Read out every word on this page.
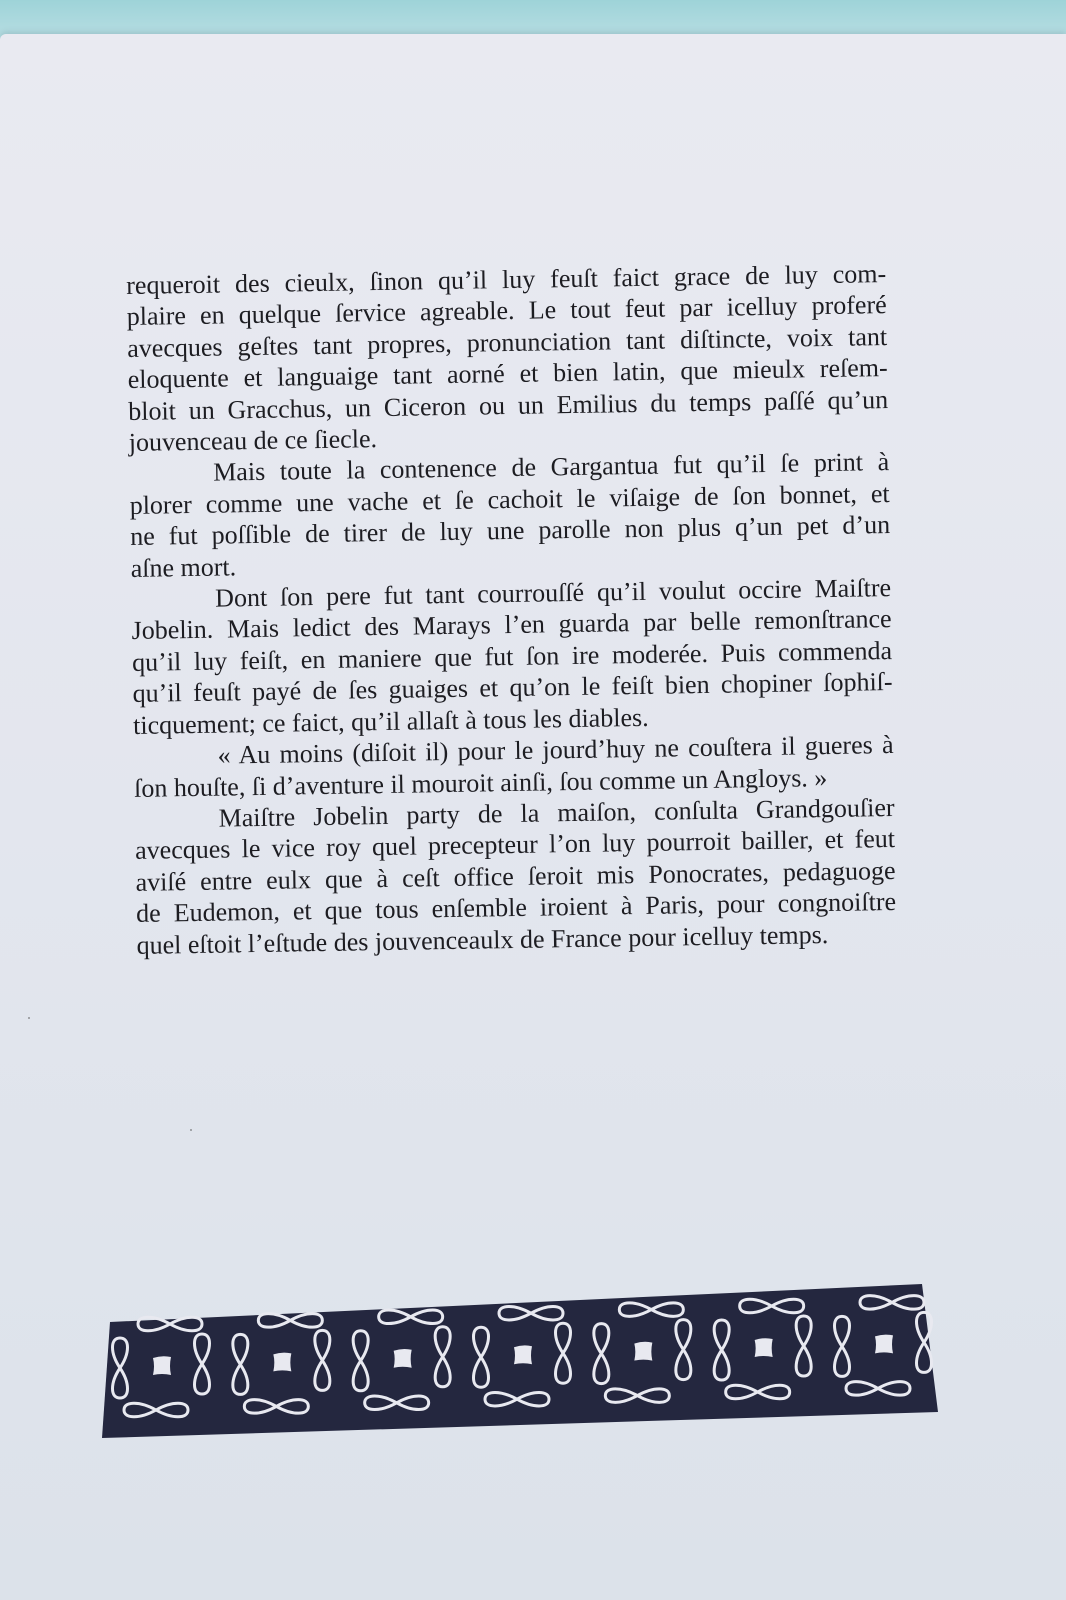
requeroit des cieulx, ſinon qu’il luy feuſt faict grace de luy com-
plaire en quelque ſervice agreable. Le tout feut par icelluy proferé
avecques geſtes tant propres, pronunciation tant diſtincte, voix tant
eloquente et languaige tant aorné et bien latin, que mieulx reſem-
bloit un Gracchus, un Ciceron ou un Emilius du temps paſſé qu’un
jouvenceau de ce ſiecle.
Mais toute la contenence de Gargantua fut qu’il ſe print à
plorer comme une vache et ſe cachoit le viſaige de ſon bonnet, et
ne fut poſſible de tirer de luy une parolle non plus q’un pet d’un
aſne mort.
Dont ſon pere fut tant courrouſſé qu’il voulut occire Maiſtre
Jobelin. Mais ledict des Marays l’en guarda par belle remonſtrance
qu’il luy feiſt, en maniere que fut ſon ire moderée. Puis commenda
qu’il feuſt payé de ſes guaiges et qu’on le feiſt bien chopiner ſophiſ-
ticquement; ce faict, qu’il allaſt à tous les diables.
« Au moins (diſoit il) pour le jourd’huy ne couſtera il gueres à
ſon houſte, ſi d’aventure il mouroit ainſi, ſou comme un Angloys. »
Maiſtre Jobelin party de la maiſon, conſulta Grandgouſier
avecques le vice roy quel precepteur l’on luy pourroit bailler, et feut
aviſé entre eulx que à ceſt office ſeroit mis Ponocrates, pedaguoge
de Eudemon, et que tous enſemble iroient à Paris, pour congnoiſtre
quel eſtoit l’eſtude des jouvenceaulx de France pour icelluy temps.
